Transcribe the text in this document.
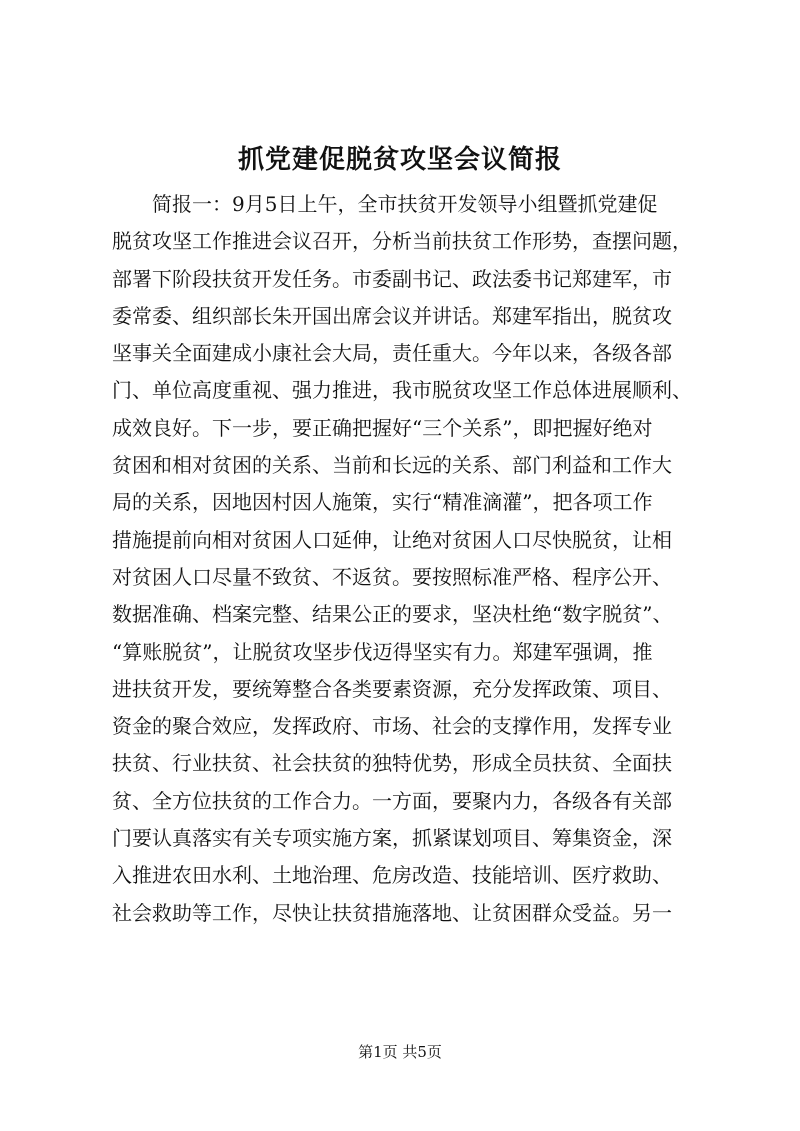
抓党建促脱贫攻坚会议简报
　　简报一：9月5日上午，全市扶贫开发领导小组暨抓党建促
脱贫攻坚工作推进会议召开，分析当前扶贫工作形势，查摆问题，
部署下阶段扶贫开发任务。市委副书记、政法委书记郑建军，市
委常委、组织部长朱开国出席会议并讲话。郑建军指出，脱贫攻
坚事关全面建成小康社会大局，责任重大。今年以来，各级各部
门、单位高度重视、强力推进，我市脱贫攻坚工作总体进展顺利、
成效良好。下一步，要正确把握好“三个关系”，即把握好绝对
贫困和相对贫困的关系、当前和长远的关系、部门利益和工作大
局的关系，因地因村因人施策，实行“精准滴灌”，把各项工作
措施提前向相对贫困人口延伸，让绝对贫困人口尽快脱贫，让相
对贫困人口尽量不致贫、不返贫。要按照标准严格、程序公开、
数据准确、档案完整、结果公正的要求，坚决杜绝“数字脱贫”、
“算账脱贫”，让脱贫攻坚步伐迈得坚实有力。郑建军强调，推
进扶贫开发，要统筹整合各类要素资源，充分发挥政策、项目、
资金的聚合效应，发挥政府、市场、社会的支撑作用，发挥专业
扶贫、行业扶贫、社会扶贫的独特优势，形成全员扶贫、全面扶
贫、全方位扶贫的工作合力。一方面，要聚内力，各级各有关部
门要认真落实有关专项实施方案，抓紧谋划项目、筹集资金，深
入推进农田水利、土地治理、危房改造、技能培训、医疗救助、
社会救助等工作，尽快让扶贫措施落地、让贫困群众受益。另一
第1页 共5页
